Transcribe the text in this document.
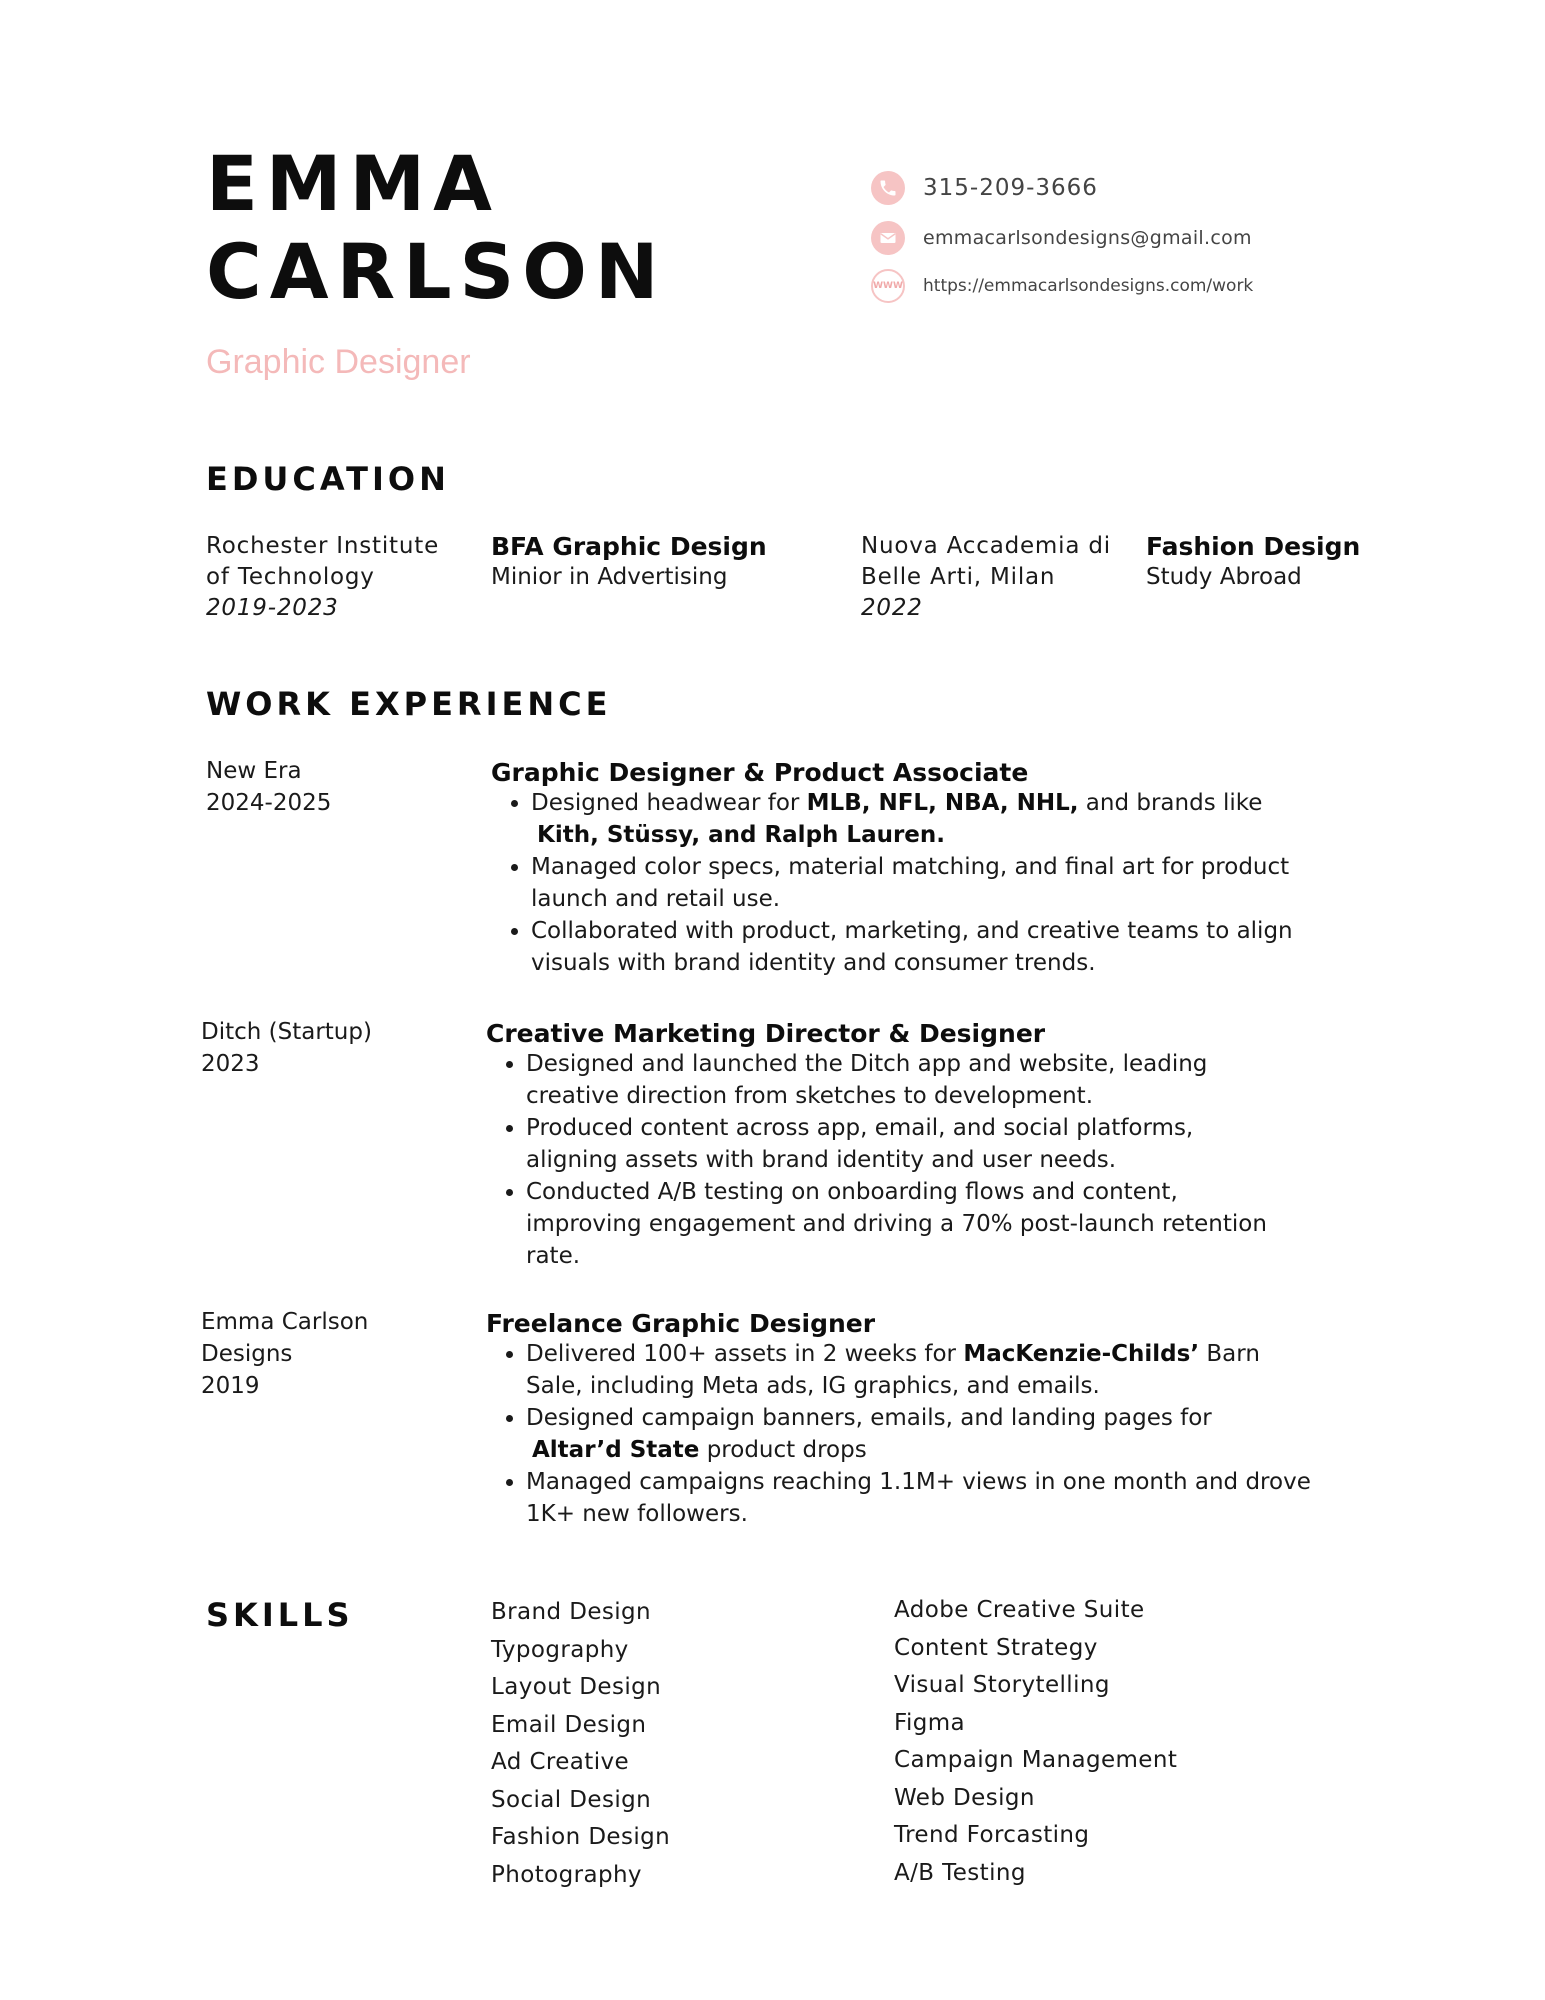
EMMA
CARLSON
Graphic Designer
315-209-3666
emmacarlsondesigns@gmail.com
WWW https://emmacarlsondesigns.com/work
EDUCATION
Rochester Institute
of Technology
2019-2023
BFA Graphic Design
Minior in Advertising
Nuova Accademia di
Belle Arti, Milan
2022
Fashion Design
Study Abroad
WORK EXPERIENCE
New Era
2024-2025
Graphic Designer & Product Associate
• Designed headwear for MLB, NFL, NBA, NHL, and brands like
Kith, Stüssy, and Ralph Lauren.
• Managed color specs, material matching, and final art for product launch and retail use.
• Collaborated with product, marketing, and creative teams to align visuals with brand identity and consumer trends.
Ditch (Startup)
2023
Creative Marketing Director & Designer
• Designed and launched the Ditch app and website, leading creative direction from sketches to development.
• Produced content across app, email, and social platforms, aligning assets with brand identity and user needs.
• Conducted A/B testing on onboarding flows and content, improving engagement and driving a 70% post-launch retention rate.
Emma Carlson
Designs
2019
Freelance Graphic Designer
• Delivered 100+ assets in 2 weeks for MacKenzie-Childs’ Barn Sale, including Meta ads, IG graphics, and emails.
• Designed campaign banners, emails, and landing pages for
Altar’d State product drops
• Managed campaigns reaching 1.1M+ views in one month and drove 1K+ new followers.
SKILLS	Brand Design
Typography
Layout Design
Email Design
Ad Creative
Social Design
Fashion Design
Photography
Adobe Creative Suite
Content Strategy
Visual Storytelling
Figma
Campaign Management
Web Design
Trend Forcasting
A/B Testing
